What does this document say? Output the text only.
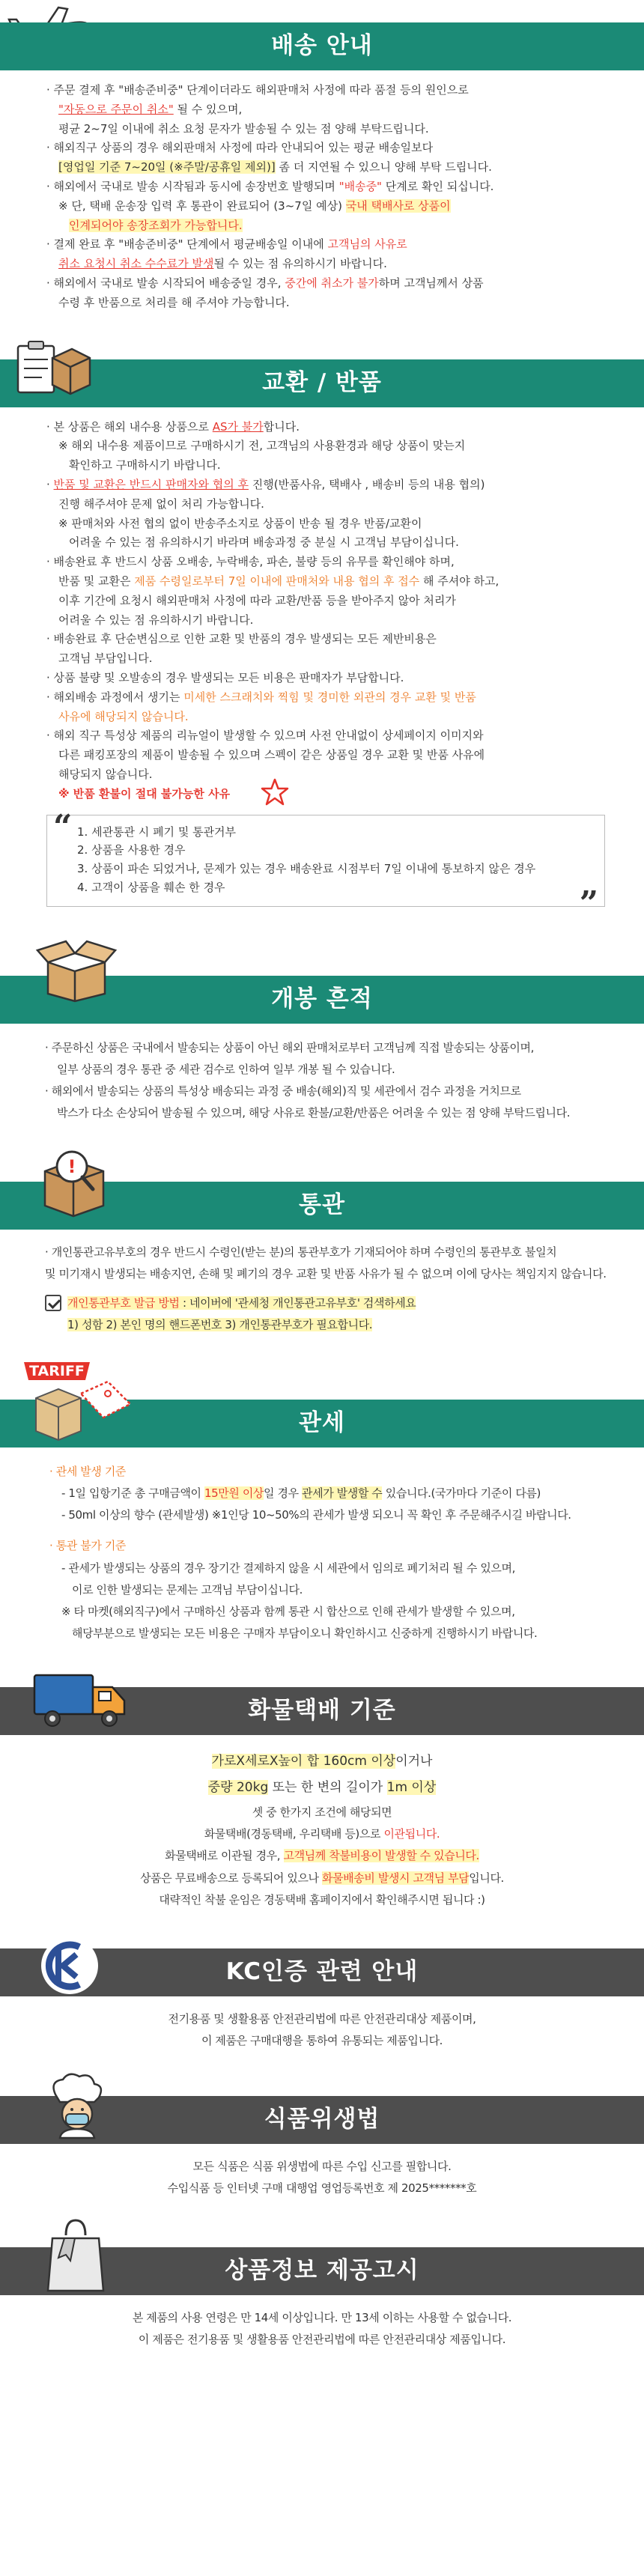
배송 안내

· 주문 결제 후 "배송준비중" 단계이더라도 해외판매처 사정에 따라 품절 등의 원인으로

"자동으로 주문이 취소" 될 수 있으며,

평균 2~7일 이내에 취소 요청 문자가 발송될 수 있는 점 양해 부탁드립니다.

· 해외직구 상품의 경우 해외판매처 사정에 따라 안내되어 있는 평균 배송일보다

[영업일 기준 7~20일 (※주말/공휴일 제외)] 좀 더 지연될 수 있으니 양해 부탁 드립니다.

· 해외에서 국내로 발송 시작됨과 동시에 송장번호 발행되며 "배송중" 단계로 확인 되십니다.

※ 단, 택배 운송장 입력 후 통관이 완료되어 (3~7일 예상) 국내 택배사로 상품이

인계되어야 송장조회가 가능합니다.

· 결제 완료 후 "배송준비중" 단계에서 평균배송일 이내에 고객님의 사유로

취소 요청시 취소 수수료가 발생될 수 있는 점 유의하시기 바랍니다.

· 해외에서 국내로 발송 시작되어 배송중일 경우, 중간에 취소가 불가하며 고객님께서 상품

수령 후 반품으로 처리를 해 주셔야 가능합니다.

교환 / 반품

· 본 상품은 해외 내수용 상품으로 AS가 불가합니다.

※ 해외 내수용 제품이므로 구매하시기 전, 고객님의 사용환경과 해당 상품이 맞는지

확인하고 구매하시기 바랍니다.

· 반품 및 교환은 반드시 판매자와 협의 후 진행(반품사유, 택배사 , 배송비 등의 내용 협의)

진행 해주셔야 문제 없이 처리 가능합니다.

※ 판매처와 사전 협의 없이 반송주소지로 상품이 반송 될 경우 반품/교환이

어려울 수 있는 점 유의하시기 바라며 배송과정 중 분실 시 고객님 부담이십니다.

· 배송완료 후 반드시 상품 오배송, 누락배송, 파손, 불량 등의 유무를 확인해야 하며,

반품 및 교환은 제품 수령일로부터 7일 이내에 판매처와 내용 협의 후 접수 해 주셔야 하고,

이후 기간에 요청시 해외판매처 사정에 따라 교환/반품 등을 받아주지 않아 처리가

어려울 수 있는 점 유의하시기 바랍니다.

· 배송완료 후 단순변심으로 인한 교환 및 반품의 경우 발생되는 모든 제반비용은

고객님 부담입니다.

· 상품 불량 및 오발송의 경우 발생되는 모든 비용은 판매자가 부담합니다.

· 해외배송 과정에서 생기는 미세한 스크래치와 찍힘 및 경미한 외관의 경우 교환 및 반품

사유에 해당되지 않습니다.

· 해외 직구 특성상 제품의 리뉴얼이 발생할 수 있으며 사전 안내없이 상세페이지 이미지와

다른 패킹포장의 제품이 발송될 수 있으며 스펙이 같은 상품일 경우 교환 및 반품 사유에

해당되지 않습니다.

※ 반품 환불이 절대 불가능한 사유

“ 1. 세관통관 시 폐기 및 통관거부

2. 상품을 사용한 경우

3. 상품이 파손 되었거나, 문제가 있는 경우 배송완료 시점부터 7일 이내에 통보하지 않은 경우

4. 고객이 상품을 훼손 한 경우	”
개봉 흔적

· 주문하신 상품은 국내에서 발송되는 상품이 아닌 해외 판매처로부터 고객님께 직접 발송되는 상품이며,

일부 상품의 경우 통관 중 세관 검수로 인하여 일부 개봉 될 수 있습니다.

· 해외에서 발송되는 상품의 특성상 배송되는 과정 중 배송(해외)직 및 세관에서 검수 과정을 거치므로

박스가 다소 손상되어 발송될 수 있으며, 해당 사유로 환불/교환/반품은 어려울 수 있는 점 양해 부탁드립니다.

!
통관

· 개인통관고유부호의 경우 반드시 수령인(받는 분)의 통관부호가 기재되어야 하며 수령인의 통관부호 불일치

및 미기재시 발생되는 배송지연, 손해 및 폐기의 경우 교환 및 반품 사유가 될 수 없으며 이에 당사는 책임지지 않습니다.

개인통관부호 발급 방법 : 네이버에 '관세청 개인통관고유부호' 검색하세요

1) 성함 2) 본인 명의 핸드폰번호 3) 개인통관부호가 필요합니다.

TARIFF
관세

· 관세 발생 기준

- 1일 입항기준 총 구매금액이 15만원 이상일 경우 관세가 발생할 수 있습니다.(국가마다 기준이 다름)

- 50ml 이상의 향수 (관세발생) ※1인당 10~50%의 관세가 발생 되오니 꼭 확인 후 주문해주시길 바랍니다.

· 통관 불가 기준

- 관세가 발생되는 상품의 경우 장기간 결제하지 않을 시 세관에서 임의로 폐기처리 될 수 있으며,

이로 인한 발생되는 문제는 고객님 부담이십니다.

※ 타 마켓(해외직구)에서 구매하신 상품과 함께 통관 시 합산으로 인해 관세가 발생할 수 있으며,

해당부분으로 발생되는 모든 비용은 구매자 부담이오니 확인하시고 신중하게 진행하시기 바랍니다.

화물택배 기준

가로X세로X높이 합 160cm 이상이거나

중량 20kg 또는 한 변의 길이가 1m 이상

셋 중 한가지 조건에 해당되면

화물택배(경동택배, 우리택배 등)으로 이관됩니다.

화물택배로 이관될 경우, 고객님께 착불비용이 발생할 수 있습니다.

상품은 무료배송으로 등록되어 있으나 화물배송비 발생시 고객님 부담입니다.

대략적인 착불 운임은 경동택배 홈페이지에서 확인해주시면 됩니다 :)

KC인증 관련 안내

전기용품 및 생활용품 안전관리법에 따른 안전관리대상 제품이며,

이 제품은 구매대행을 통하여 유통되는 제품입니다.

식품위생법

모든 식품은 식품 위생법에 따른 수입 신고를 필합니다.

수입식품 등 인터넷 구매 대행업 영업등록번호 제 2025*******호

상품정보 제공고시

본 제품의 사용 연령은 만 14세 이상입니다. 만 13세 이하는 사용할 수 없습니다.

이 제품은 전기용품 및 생활용품 안전관리법에 따른 안전관리대상 제품입니다.
